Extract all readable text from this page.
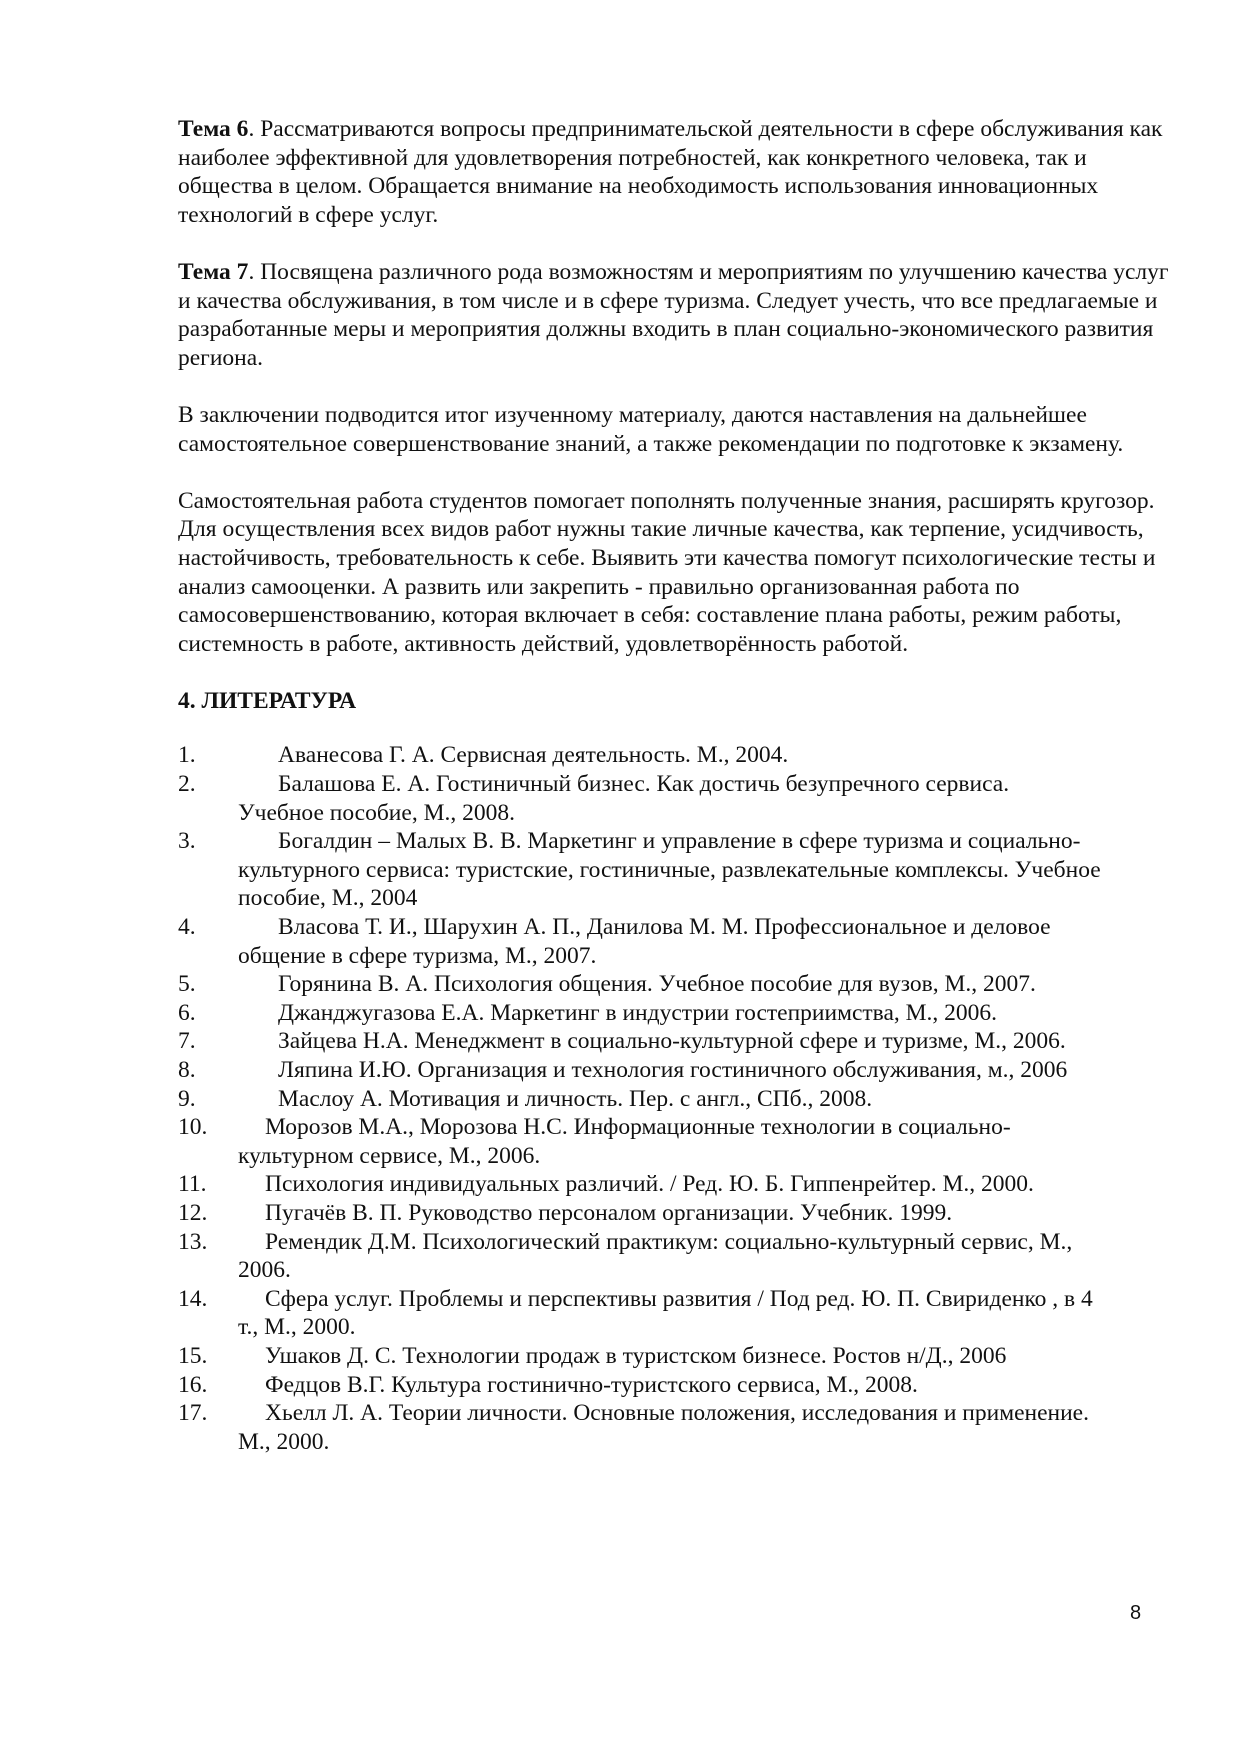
Тема 6. Рассматриваются вопросы предпринимательской деятельности в сфере обслуживания как наиболее эффективной для удовлетворения потребностей, как конкретного человека, так и общества в целом. Обращается внимание на необходимость использования инновационных технологий в сфере услуг.

Тема 7. Посвящена различного рода возможностям и мероприятиям по улучшению качества услуг и качества обслуживания, в том числе и в сфере туризма. Следует учесть, что все предлагаемые и разработанные меры и мероприятия должны входить в план социально-экономического развития региона.

В заключении подводится итог изученному материалу, даются наставления на дальнейшее самостоятельное совершенствование знаний, а также рекомендации по подготовке к экзамену.

Самостоятельная работа студентов помогает пополнять полученные знания, расширять кругозор. Для осуществления всех видов работ нужны такие личные качества, как терпение, усидчивость, настойчивость, требовательность к себе. Выявить эти качества помогут психологические тесты и анализ самооценки. А развить или закрепить - правильно организованная работа по самосовершенствованию, которая включает в себя: составление плана работы, режим работы, системность в работе, активность действий, удовлетворённость работой.

4. ЛИТЕРАТУРА
1.	Аванесова Г. А. Сервисная деятельность. М., 2004.
2.	Балашова Е. А. Гостиничный бизнес. Как достичь безупречного сервиса.
Учебное пособие, М., 2008.
3.	Богалдин – Малых В. В. Маркетинг и управление в сфере туризма и социально-
культурного сервиса: туристские, гостиничные, развлекательные комплексы. Учебное пособие, М., 2004
4.	Власова Т. И., Шарухин А. П., Данилова М. М. Профессиональное и деловое
общение в сфере туризма, М., 2007.
5.	Горянина В. А. Психология общения. Учебное пособие для вузов, М., 2007.
6.	Джанджугазова Е.А. Маркетинг в индустрии гостеприимства, М., 2006.
7.	Зайцева Н.А. Менеджмент в социально-культурной сфере и туризме, М., 2006.
8.	Ляпина И.Ю. Организация и технология гостиничного обслуживания, м., 2006
9.	Маслоу А. Мотивация и личность. Пер. с англ., СПб., 2008.
10.	Морозов М.А., Морозова Н.С. Информационные технологии в социально-
культурном сервисе, М., 2006.
11.	Психология индивидуальных различий. / Ред. Ю. Б. Гиппенрейтер. М., 2000.
12.	Пугачёв В. П. Руководство персоналом организации. Учебник. 1999.
13.	Ремендик Д.М. Психологический практикум: социально-культурный сервис, М.,
2006.
14.	Сфера услуг. Проблемы и перспективы развития / Под ред. Ю. П. Свириденко , в 4
т., М., 2000.
15.	Ушаков Д. С. Технологии продаж в туристском бизнесе. Ростов н/Д., 2006
16.	Федцов В.Г. Культура гостинично-туристского сервиса, М., 2008.
17.	Хьелл Л. А. Теории личности. Основные положения, исследования и применение.
М., 2000.
8
